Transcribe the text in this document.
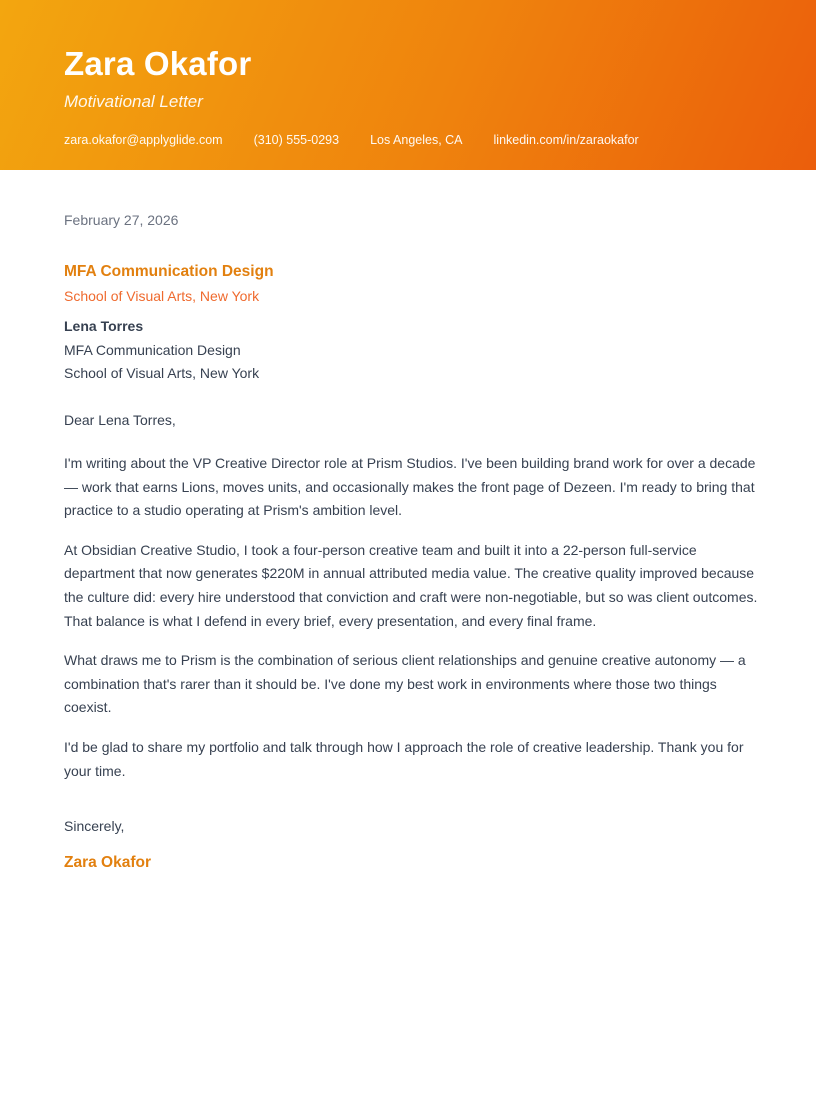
Zara Okafor
Motivational Letter
zara.okafor@applyglide.com (310) 555-0293 Los Angeles, CA linkedin.com/in/zaraokafor
February 27, 2026
MFA Communication Design
School of Visual Arts, New York
Lena Torres
MFA Communication Design
School of Visual Arts, New York
Dear Lena Torres,

I'm writing about the VP Creative Director role at Prism Studios. I've been building brand work for over a decade — work that earns Lions, moves units, and occasionally makes the front page of Dezeen. I'm ready to bring that practice to a studio operating at Prism's ambition level.

At Obsidian Creative Studio, I took a four-person creative team and built it into a 22-person full-service department that now generates $220M in annual attributed media value. The creative quality improved because the culture did: every hire understood that conviction and craft were non-negotiable, but so was client outcomes. That balance is what I defend in every brief, every presentation, and every final frame.

What draws me to Prism is the combination of serious client relationships and genuine creative autonomy — a combination that's rarer than it should be. I've done my best work in environments where those two things coexist.

I'd be glad to share my portfolio and talk through how I approach the role of creative leadership. Thank you for your time.

Sincerely,
Zara Okafor
